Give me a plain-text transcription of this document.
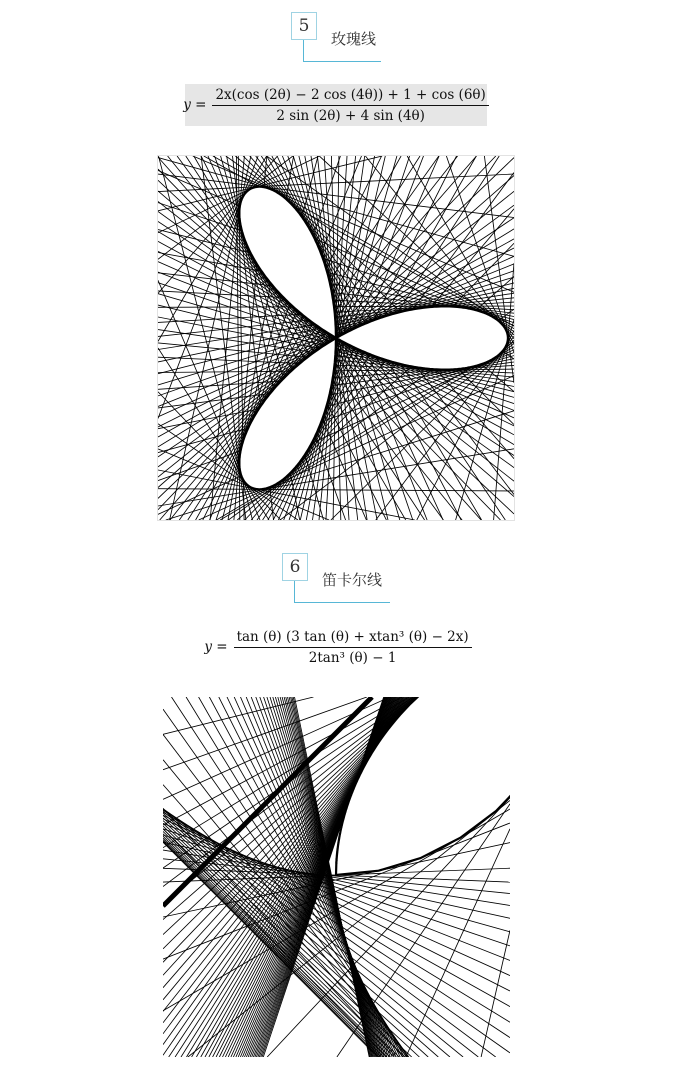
5
玫瑰线
$y = \frac{2x(\cos (2\theta) - 2 \cos (4\theta)) + 1 + \cos (6\theta)}{2 \sin (2\theta) + 4 \sin (4\theta)}$
6
笛卡尔线
$y = \frac{\text{tan (θ) (3 tan (θ) + xtan³ (θ) − 2x)}}{\text{2tan³ (θ) − 1}}$
